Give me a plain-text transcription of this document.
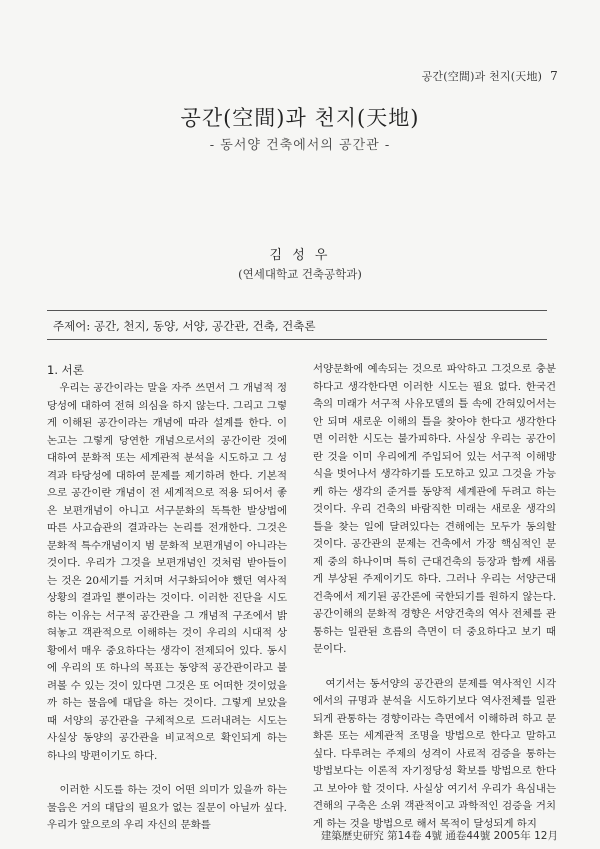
공간(空間)과 천지(天地) 7
공간(空間)과 천지(天地)
- 동서양 건축에서의 공간관 -
김 성 우
(연세대학교 건축공학과)
주제어: 공간, 천지, 동양, 서양, 공간관, 건축, 건축론
1. 서론

우리는 공간이라는 말을 자주 쓰면서 그 개념적 정당성에 대하여 전혀 의심을 하지 않는다. 그리고 그렇게 이해된 공간이라는 개념에 따라 설계를 한다. 이 논고는 그렇게 당연한 개념으로서의 공간이란 것에 대하여 문화적 또는 세계관적 분석을 시도하고 그 성격과 타당성에 대하여 문제를 제기하려 한다. 기본적으로 공간이란 개념이 전 세계적으로 적용 되어서 좋은 보편개념이 아니고 서구문화의 독특한 발상법에 따른 사고습관의 결과라는 논리를 전개한다. 그것은 문화적 특수개념이지 범 문화적 보편개념이 아니라는 것이다. 우리가 그것을 보편개념인 것처럼 받아들이는 것은 20세기를 거치며 서구화되어야 했던 역사적 상황의 결과일 뿐이라는 것이다. 이러한 진단을 시도하는 이유는 서구적 공간관을 그 개념적 구조에서 밝혀놓고 객관적으로 이해하는 것이 우리의 시대적 상황에서 매우 중요하다는 생각이 전제되어 있다. 동시에 우리의 또 하나의 목표는 동양적 공간관이라고 불려볼 수 있는 것이 있다면 그것은 또 어떠한 것이었을까 하는 물음에 대답을 하는 것이다. 그렇게 보았을 때 서양의 공간관을 구체적으로 드러내려는 시도는 사실상 동양의 공간관을 비교적으로 확인되게 하는 하나의 방편이기도 하다.

이러한 시도를 하는 것이 어떤 의미가 있을까 하는 물음은 거의 대답의 필요가 없는 질문이 아닐까 싶다. 우리가 앞으로의 우리 자신의 문화를

서양문화에 예속되는 것으로 파악하고 그것으로 충분하다고 생각한다면 이러한 시도는 필요 없다. 한국건축의 미래가 서구적 사유모델의 틀 속에 간혀있어서는 안 되며 새로운 이해의 틀을 찾아야 한다고 생각한다면 이러한 시도는 불가피하다. 사실상 우리는 공간이란 것을 이미 우리에게 주입되어 있는 서구적 이해방식을 벗어나서 생각하기를 도모하고 있고 그것을 가능케 하는 생각의 준거를 동양적 세계관에 두려고 하는 것이다. 우리 건축의 바람직한 미래는 새로운 생각의 틀을 찾는 일에 달려있다는 견해에는 모두가 동의할 것이다. 공간관의 문제는 건축에서 가장 핵심적인 문제 중의 하나이며 특히 근대건축의 등장과 함께 새롭게 부상된 주제이기도 하다. 그러나 우리는 서양근대건축에서 제기된 공간론에 국한되기를 원하지 않는다. 공간이해의 문화적 경향은 서양건축의 역사 전체를 관통하는 일관된 흐름의 측면이 더 중요하다고 보기 때문이다.

여기서는 동서양의 공간관의 문제를 역사적인 시각에서의 규명과 분석을 시도하기보다 역사전체를 일관되게 관통하는 경향이라는 측면에서 이해하려 하고 문화론 또는 세계관적 조명을 방법으로 한다고 말하고 싶다. 다루려는 주제의 성격이 사료적 검증을 통하는 방법보다는 이론적 자기정당성 확보를 방법으로 한다고 보아야 할 것이다. 사실상 여기서 우리가 욕심내는 견해의 구축은 소위 객관적이고 과학적인 검증을 거치게 하는 것을 방법으로 해서 목적이 달성되게 하지

建築歷史研究 第14卷 4號 通卷44號 2005年 12月
